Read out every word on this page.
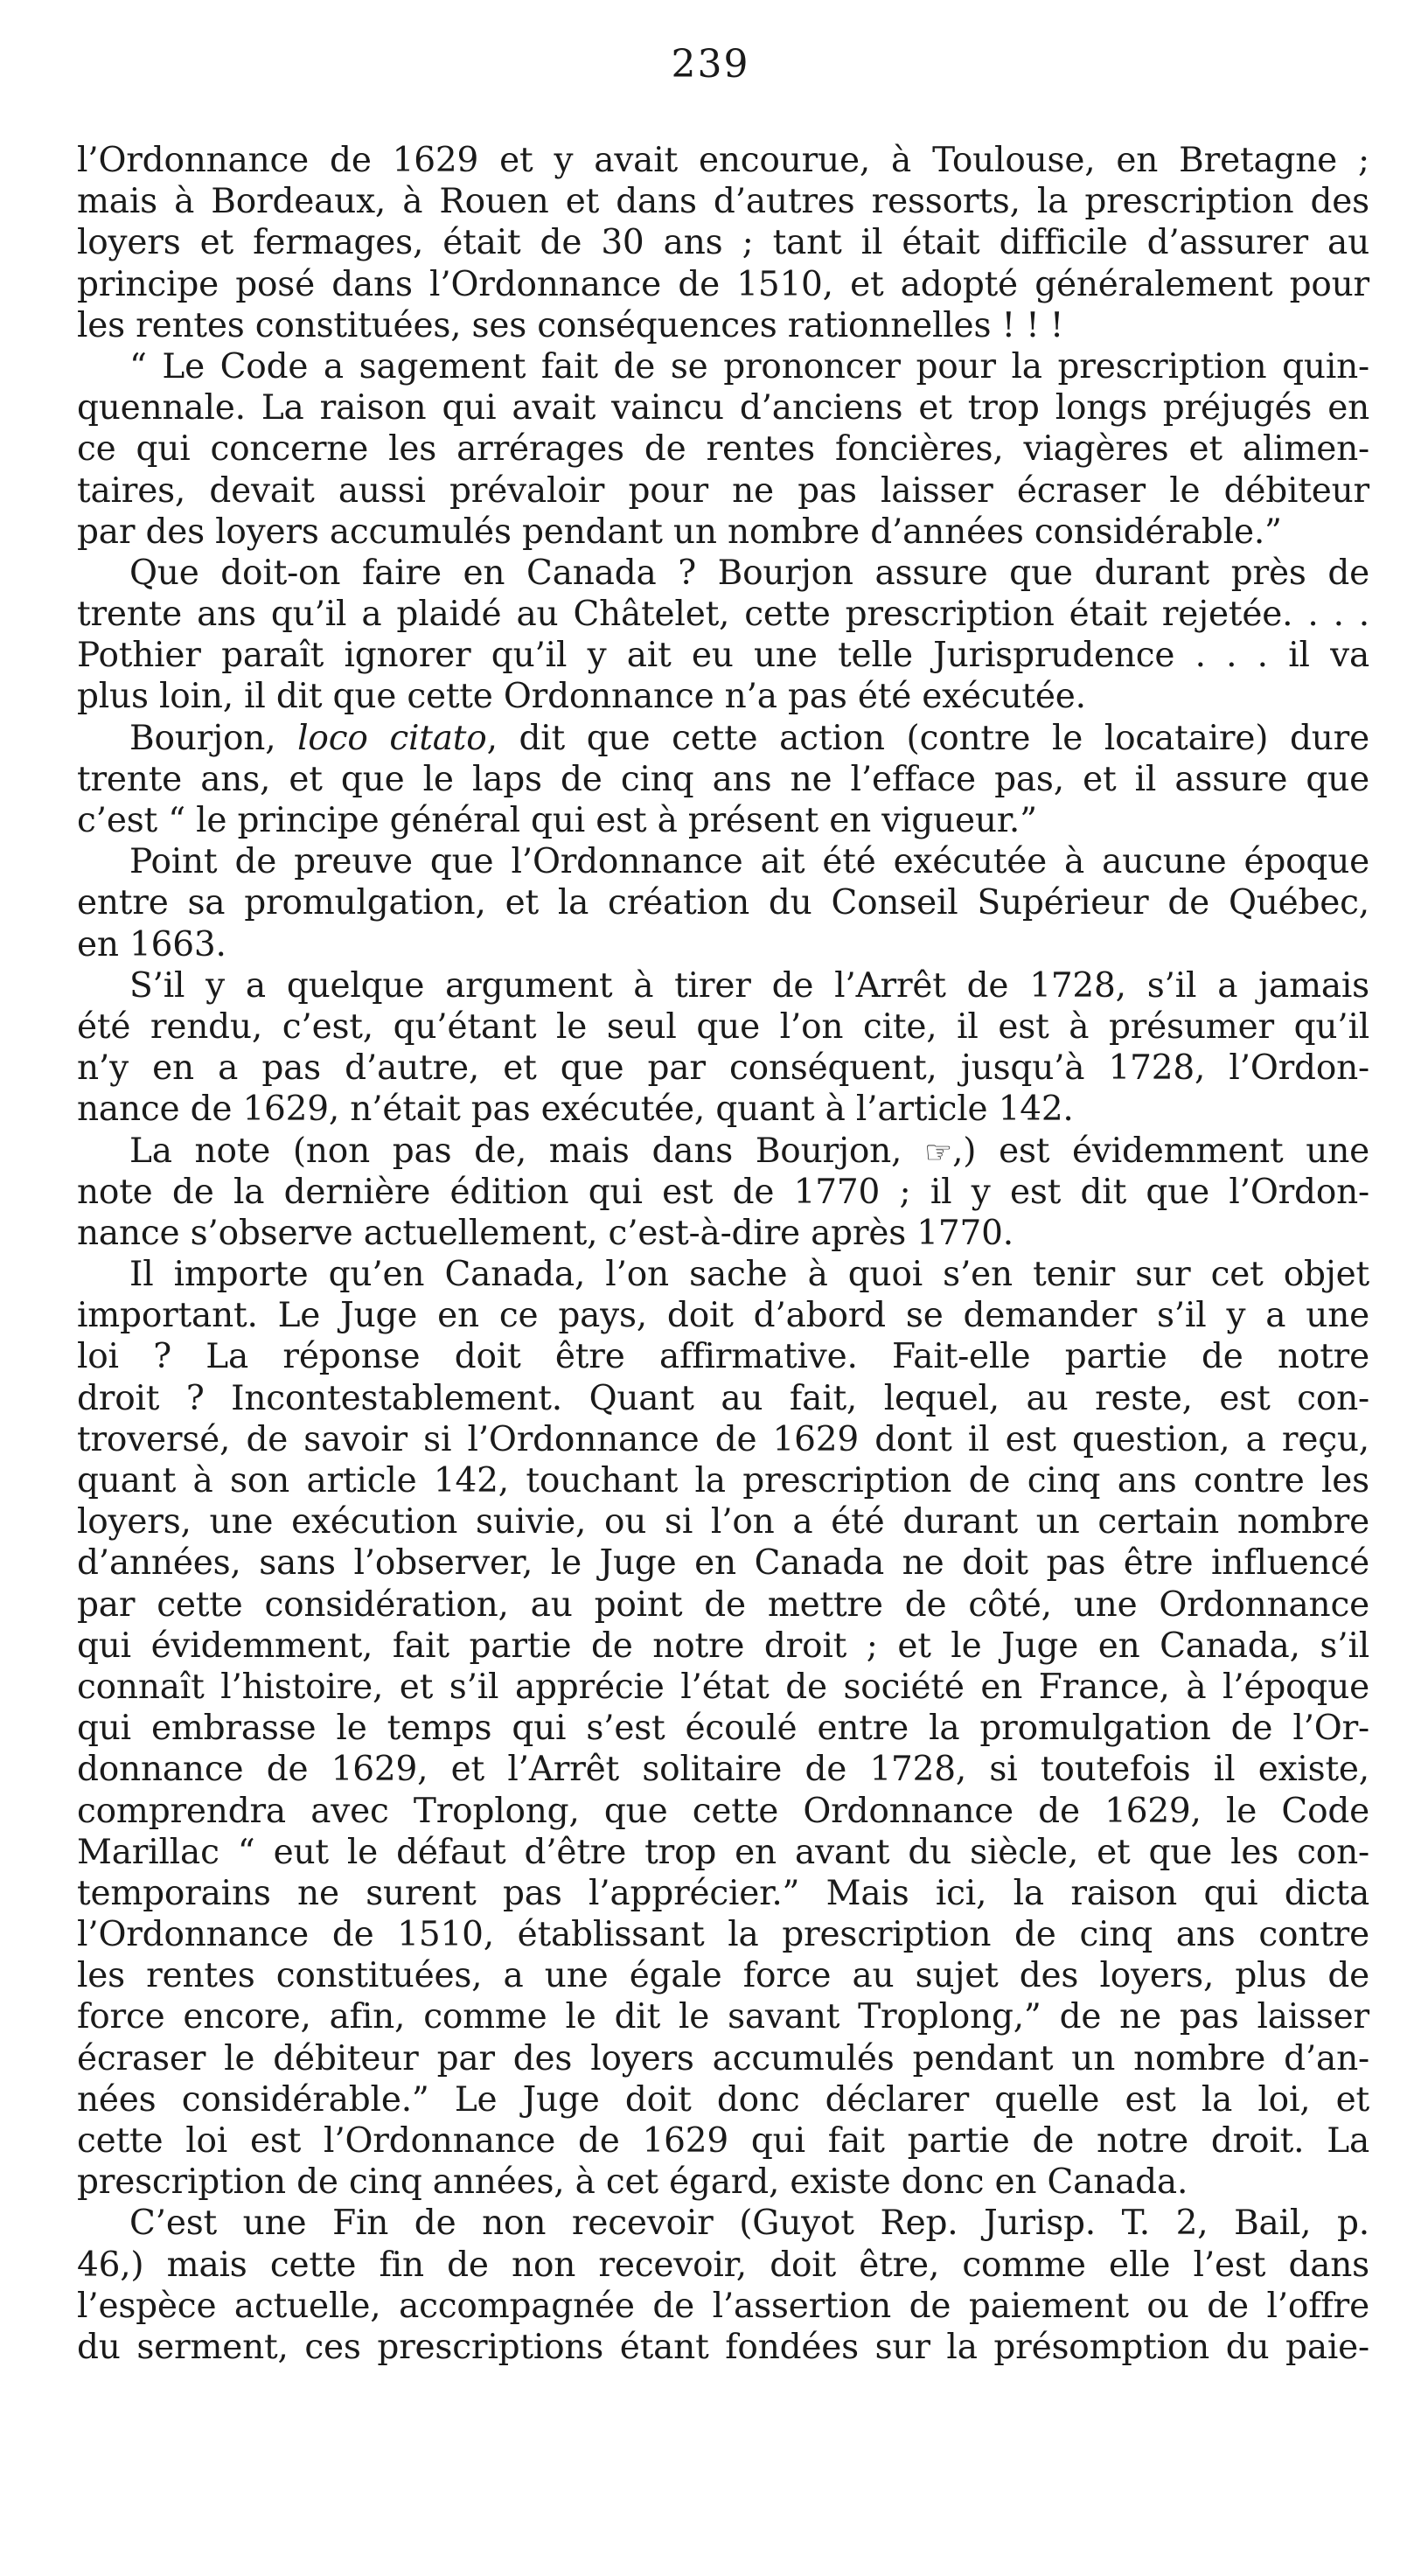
239
l’Ordonnance de 1629 et y avait encourue, à Toulouse, en Bretagne ;
mais à Bordeaux, à Rouen et dans d’autres ressorts, la prescription des
loyers et fermages, était de 30 ans ; tant il était difficile d’assurer au
principe posé dans l’Ordonnance de 1510, et adopté généralement pour
les rentes constituées, ses conséquences rationnelles ! ! !
“ Le Code a sagement fait de se prononcer pour la prescription quin-
quennale. La raison qui avait vaincu d’anciens et trop longs préjugés en
ce qui concerne les arrérages de rentes foncières, viagères et alimen-
taires, devait aussi prévaloir pour ne pas laisser écraser le débiteur
par des loyers accumulés pendant un nombre d’années considérable.”
Que doit-on faire en Canada ? Bourjon assure que durant près de
trente ans qu’il a plaidé au Châtelet, cette prescription était rejetée. . . .
Pothier paraît ignorer qu’il y ait eu une telle Jurisprudence . . . il va
plus loin, il dit que cette Ordonnance n’a pas été exécutée.
Bourjon, loco citato, dit que cette action (contre le locataire) dure
trente ans, et que le laps de cinq ans ne l’efface pas, et il assure que
c’est “ le principe général qui est à présent en vigueur.”
Point de preuve que l’Ordonnance ait été exécutée à aucune époque
entre sa promulgation, et la création du Conseil Supérieur de Québec,
en 1663.
S’il y a quelque argument à tirer de l’Arrêt de 1728, s’il a jamais
été rendu, c’est, qu’étant le seul que l’on cite, il est à présumer qu’il
n’y en a pas d’autre, et que par conséquent, jusqu’à 1728, l’Ordon-
nance de 1629, n’était pas exécutée, quant à l’article 142.
La note (non pas de, mais dans Bourjon, ☞,) est évidemment une
note de la dernière édition qui est de 1770 ; il y est dit que l’Ordon-
nance s’observe actuellement, c’est-à-dire après 1770.
Il importe qu’en Canada, l’on sache à quoi s’en tenir sur cet objet
important. Le Juge en ce pays, doit d’abord se demander s’il y a une
loi ? La réponse doit être affirmative. Fait-elle partie de notre
droit ? Incontestablement. Quant au fait, lequel, au reste, est con-
troversé, de savoir si l’Ordonnance de 1629 dont il est question, a reçu,
quant à son article 142, touchant la prescription de cinq ans contre les
loyers, une exécution suivie, ou si l’on a été durant un certain nombre
d’années, sans l’observer, le Juge en Canada ne doit pas être influencé
par cette considération, au point de mettre de côté, une Ordonnance
qui évidemment, fait partie de notre droit ; et le Juge en Canada, s’il
connaît l’histoire, et s’il apprécie l’état de société en France, à l’époque
qui embrasse le temps qui s’est écoulé entre la promulgation de l’Or-
donnance de 1629, et l’Arrêt solitaire de 1728, si toutefois il existe,
comprendra avec Troplong, que cette Ordonnance de 1629, le Code
Marillac “ eut le défaut d’être trop en avant du siècle, et que les con-
temporains ne surent pas l’apprécier.” Mais ici, la raison qui dicta
l’Ordonnance de 1510, établissant la prescription de cinq ans contre
les rentes constituées, a une égale force au sujet des loyers, plus de
force encore, afin, comme le dit le savant Troplong,” de ne pas laisser
écraser le débiteur par des loyers accumulés pendant un nombre d’an-
nées considérable.” Le Juge doit donc déclarer quelle est la loi, et
cette loi est l’Ordonnance de 1629 qui fait partie de notre droit. La
prescription de cinq années, à cet égard, existe donc en Canada.
C’est une Fin de non recevoir (Guyot Rep. Jurisp. T. 2, Bail, p.
46,) mais cette fin de non recevoir, doit être, comme elle l’est dans
l’espèce actuelle, accompagnée de l’assertion de paiement ou de l’offre
du serment, ces prescriptions étant fondées sur la présomption du paie-
